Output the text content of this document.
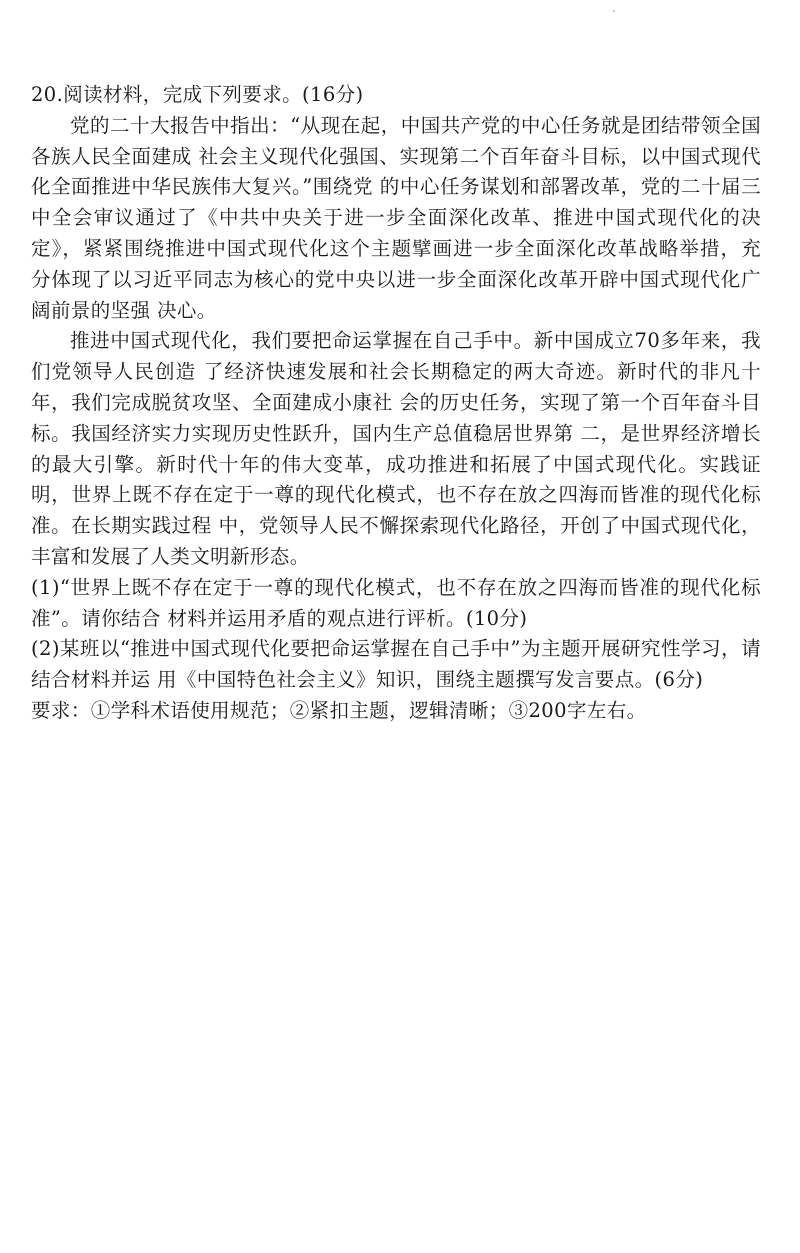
20.阅读材料，完成下列要求。(16分)

党的二十大报告中指出：“从现在起，中国共产党的中心任务就是团结带领全国各族人民全面建成 社会主义现代化强国、实现第二个百年奋斗目标，以中国式现代化全面推进中华民族伟大复兴。”围绕党 的中心任务谋划和部署改革，党的二十届三中全会审议通过了《中共中央关于进一步全面深化改革、推进中国式现代化的决定》，紧紧围绕推进中国式现代化这个主题擘画进一步全面深化改革战略举措，充 分体现了以习近平同志为核心的党中央以进一步全面深化改革开辟中国式现代化广阔前景的坚强 决心。

推进中国式现代化，我们要把命运掌握在自己手中。新中国成立70多年来，我们党领导人民创造 了经济快速发展和社会长期稳定的两大奇迹。新时代的非凡十年，我们完成脱贫攻坚、全面建成小康社 会的历史任务，实现了第一个百年奋斗目标。我国经济实力实现历史性跃升，国内生产总值稳居世界第 二，是世界经济增长的最大引擎。新时代十年的伟大变革，成功推进和拓展了中国式现代化。实践证 明，世界上既不存在定于一尊的现代化模式，也不存在放之四海而皆准的现代化标准。在长期实践过程 中，党领导人民不懈探索现代化路径，开创了中国式现代化，丰富和发展了人类文明新形态。

(1)“世界上既不存在定于一尊的现代化模式，也不存在放之四海而皆准的现代化标准”。请你结合 材料并运用矛盾的观点进行评析。(10分)

(2)某班以“推进中国式现代化要把命运掌握在自己手中”为主题开展研究性学习，请结合材料并运 用《中国特色社会主义》知识，围绕主题撰写发言要点。(6分)

要求：①学科术语使用规范；②紧扣主题，逻辑清晰；③200字左右。
